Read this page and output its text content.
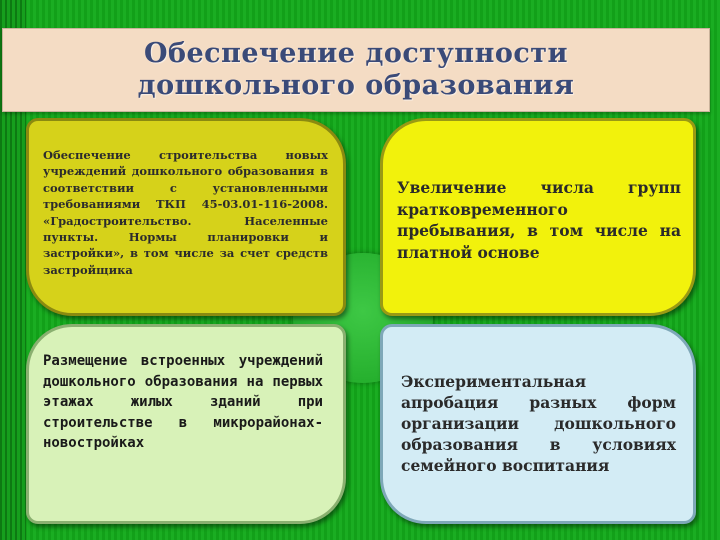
Обеспечение доступности
дошкольного образования

Обеспечение строительства новых учреждений дошкольного образования в соответствии с установленными требованиями ТКП 45-03.01-116-2008. «Градостроительство. Населенные пункты. Нормы планировки и застройки», в том числе за счет средств застройщика

Увеличение числа групп кратковременного пребывания, в том числе на платной основе

Размещение встроенных учреждений дошкольного образования на первых этажах жилых зданий при строительстве в микрорайонах-новостройках

Экспериментальная апробация разных форм организации дошкольного образования в условиях семейного воспитания
